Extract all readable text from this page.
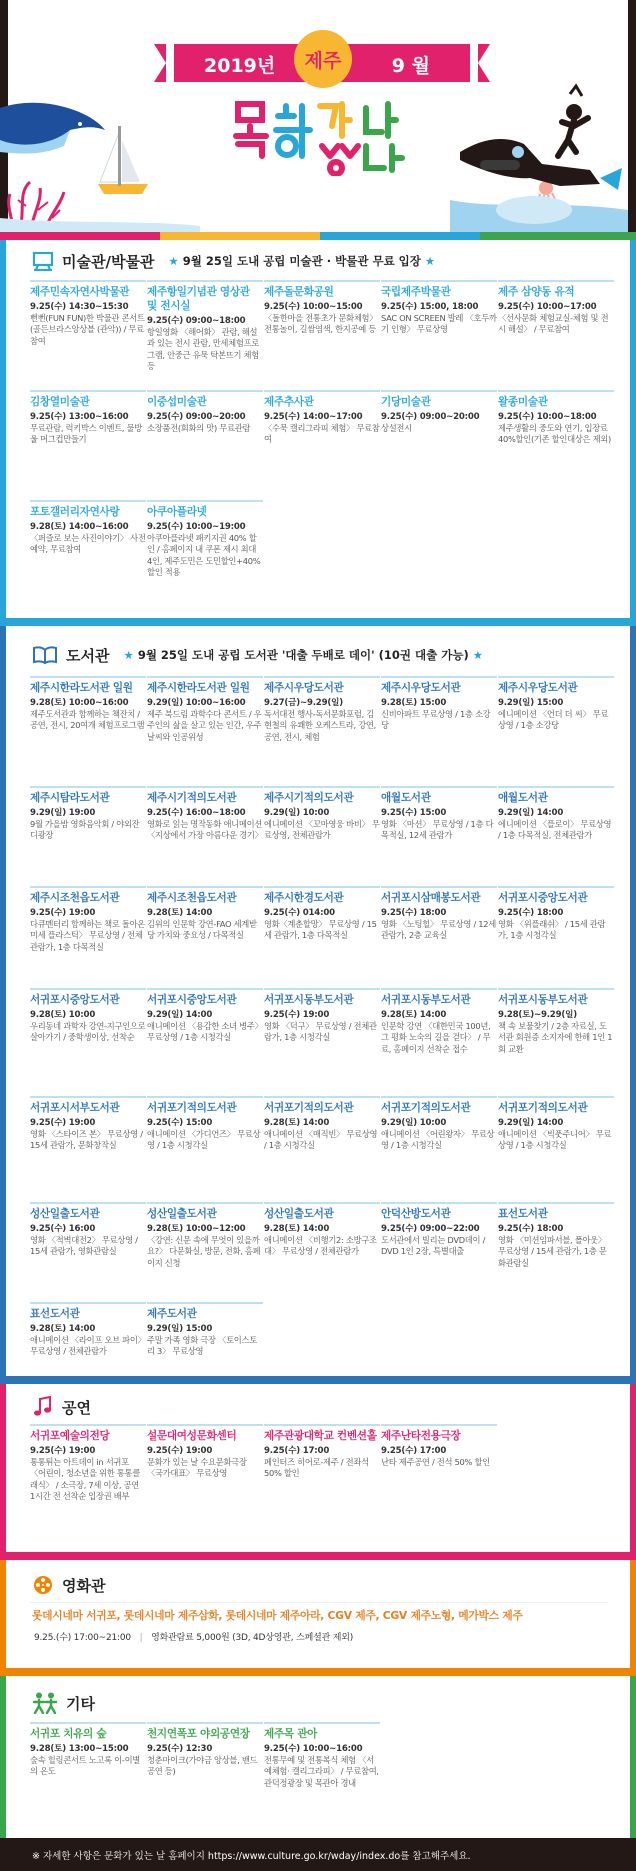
2019년	제주	9 월
미술관/박물관 ★ 9월 25일 도내 공립 미술관 · 박물관 무료 입장 ★
제주민속자연사박물관
9.25(수) 14:30~15:30
뻔뻔(FUN FUN)한 박물관 콘서트(골든브라스앙상블 (관악)) / 무료참여
제주항일기념관 영상관 및 전시실
9.25(수) 09:00~18:00
항일영화 〈해어화〉 관람, 해설과 있는 전시 관람, 만세체험프로그램, 안중근 유묵 탁본뜨기 체험 등
제주돌문화공원
9.25(수) 10:00~15:00
〈돌한마을 전통초가 문화체험〉 전통놀이, 길쌈염색, 한지공예 등
국립제주박물관
9.25(수) 15:00, 18:00
SAC ON SCREEN 발레 〈호두까기 인형〉 무료상영
제주 삼양동 유적
9.25(수) 10:00~17:00
〈선사문화 체험교실-체험 및 전시 해설〉 / 무료참여
김창열미술관
9.25(수) 13:00~16:00
무료관람, 럭키박스 이벤트, 물방울 머그컵만들기
이중섭미술관
9.25(수) 09:00~20:00
소장품전(회화의 맛) 무료관람
제주추사관
9.25(수) 14:00~17:00
〈수묵 캘리그라피 체험〉 무료참여
기당미술관
9.25(수) 09:00~20:00
상설전시
왈종미술관
9.25(수) 10:00~18:00
제주생활의 중도와 연기, 입장료 40%할인(기존 할인대상은 제외)
포토갤러리자연사랑
9.28(토) 14:00~16:00
〈퍼즐로 보는 사진이야기〉 사전예약, 무료참여
아쿠아플라넷
9.25(수) 10:00~19:00
아쿠아플라넷 패키지권 40% 할인 / 홈페이지 내 쿠폰 제시 최대 4인, 제주도민은 도민할인+40%할인 적용
도서관 ★ 9월 25일 도내 공립 도서관 '대출 두배로 데이' (10권 대출 가능) ★
제주시한라도서관 일원
9.28(토) 10:00~16:00
제주도서관과 함께하는 책잔치 / 공연, 전시, 20여개 체험프로그램
제주시한라도서관 일원
9.29(일) 10:00~16:00
제주 북드림 과학수다 콘서트 / 우주인의 삶을 살고 있는 인간, 우주 날씨와 인공위성
제주시우당도서관
9.27(금)~9.29(일)
독서대전 행사-독서문화포럼, 김현철의 유쾌한 오케스트라, 강연, 공연, 전시, 체험
제주시우당도서관
9.28(토) 15:00
신비아파트 무료상영 / 1층 소강당
제주시우당도서관
9.29(일) 15:00
에니메이션 〈언더 더 씨〉 무료상영 / 1층 소강당
제주시탐라도서관
9.29(일) 19:00
9월 가을밤 영화음악회 / 야외잔디광장
제주시기적의도서관
9.25(수) 16:00~18:00
영화로 읽는 명작동화 애니메이션 〈지상에서 가장 아름다운 경기〉
제주시기적의도서관
9.29(일) 10:00
에니메이션 〈꼬마영웅 바비〉 무료상영, 전체관람가
애월도서관
9.25(수) 15:00
영화 〈마션〉 무료상영 / 1층 다목적실, 12세 관람가
애월도서관
9.29(일) 14:00
에니메이션 〈플로이〉 무료상영 / 1층 다목적실, 전체관람가
제주시조천읍도서관
9.25(수) 19:00
다큐멘터리 함께하는 책로 돌아온 미세 플라스틱〉 무료상영 / 전체관람가, 1층 다목적실
제주시조천읍도서관
9.28(토) 14:00
김위의 인문학 강연-FAO 세계받당 가치와 중요성 / 다목적실
제주시한경도서관
9.25(수) 014:00
영화〈계춘할망〉 무료상영 / 15세 관람가, 1층 다목적실
서귀포시삼매봉도서관
9.25(수) 18:00
영화 〈노팅힐〉 무료상영 / 12세 관람가, 2층 교육실
서귀포시중앙도서관
9.25(수) 18:00
영화 〈위플래쉬〉 / 15세 관람가, 1층 시청각실
서귀포시중앙도서관
9.28(토) 10:00
우리동네 과학자 강연-지구인으로 살아가기 / 중학생이상, 선착순
서귀포시중앙도서관
9.29(일) 14:00
애니메이션 〈용감한 소녀 병주〉 무료상영 / 1층 시청각실
서귀포시동부도서관
9.25(수) 19:00
영화 〈덕구〉 무료상영 / 전체관람가, 1층 시청각실
서귀포시동부도서관
9.28(토) 14:00
인문학 강연 〈대한민국 100년, 그 평화 노숙의 길을 걷다〉 / 무료, 홈페이지 선착순 접수
서귀포시동부도서관
9.28(토)~9.29(일)
책 속 보물찾기 / 2층 자료실, 도서관 회원증 소지자에 한해 1인 1회 교환
서귀포시서부도서관
9.25(수) 19:00
영화 〈스타이즈 본〉 무료상영 / 15세 관람가, 문화창작실
서귀포기적의도서관
9.25(수) 15:00
애니메이션 〈가디언즈〉 무료상영 / 1층 시청각실
서귀포기적의도서관
9.28(토) 14:00
애니메이션 〈매직빈〉 무료상영 / 1층 시청각실
서귀포기적의도서관
9.29(일) 10:00
애니메이션 〈어린왕자〉 무료상영 / 1층 시청각실
서귀포기적의도서관
9.29(일) 14:00
애니메이션 〈빅풋주니어〉 무료상영 / 1층 시청각실
성산일출도서관
9.25(수) 16:00
영화 〈적벽대전2〉 무료상영 / 15세 관람가, 영화관람실
성산일출도서관
9.28(토) 10:00~12:00
〈강연: 신문 속에 무엇이 있을까요?〉 다문화실, 방문, 전화, 홈페이지 신청
성산일출도서관
9.28(토) 14:00
애니메이션 〈비행기2: 소방구조대〉 무료상영 / 전체관람가
안덕산방도서관
9.25(수) 09:00~22:00
도서관에서 빌리는 DVD데이 / DVD 1인 2장, 특별대출
표선도서관
9.25(수) 18:00
영화 〈미션임파서블, 폴아웃〉 무료상영 / 15세 관람가, 1층 문화관람실
표선도서관
9.28(토) 14:00
애니메이션 〈라이프 오브 파이〉 무료상영 / 전체관람가
제주도서관
9.29(일) 15:00
주말 가족 영화 극장 〈토이스토리 3〉 무료상영
공연
서귀포예술의전당
9.25(수) 19:00
통통튀는 아트데이 in 서귀포 〈어린이, 청소년을 위한 통통클래식〉 / 소극장, 7세 이상, 공연 1시간 전 선착순 입장권 배부
설문대여성문화센터
9.25(수) 19:00
문화가 있는 날 수요문화극장 〈국가대표〉 무료상영
제주관광대학교 컨벤션홀
9.25(수) 17:00
페인터즈 히어로-제주 / 전좌석 50% 할인
제주난타전용극장
9.25(수) 17:00
난타 제주공연 / 전석 50% 할인
영화관
롯데시네마 서귀포, 롯데시네마 제주삼화, 롯데시네마 제주아라, CGV 제주, CGV 제주노형, 메가박스 제주
9.25.(수) 17:00~21:00 | 영화관람료 5,000원 (3D, 4D상영관, 스페셜관 제외)
기타
서귀포 치유의 숲
9.28(토) 13:00~15:00
숲속 힐링콘서트 노고록 이-이별의 온도
천지연폭포 야외공연장
9.25(수) 12:30
청춘마이크(가야금 앙상블, 밴드 공연 등)
제주목 관아
9.25(수) 10:00~16:00
전통무예 및 전통복식 체험 〈서예체험· 캘리그라피〉 / 무료참여, 관덕정광장 및 목관아 경내
※ 자세한 사항은 문화가 있는 날 홈페이지 https://www.culture.go.kr/wday/index.do를 참고해주세요.
